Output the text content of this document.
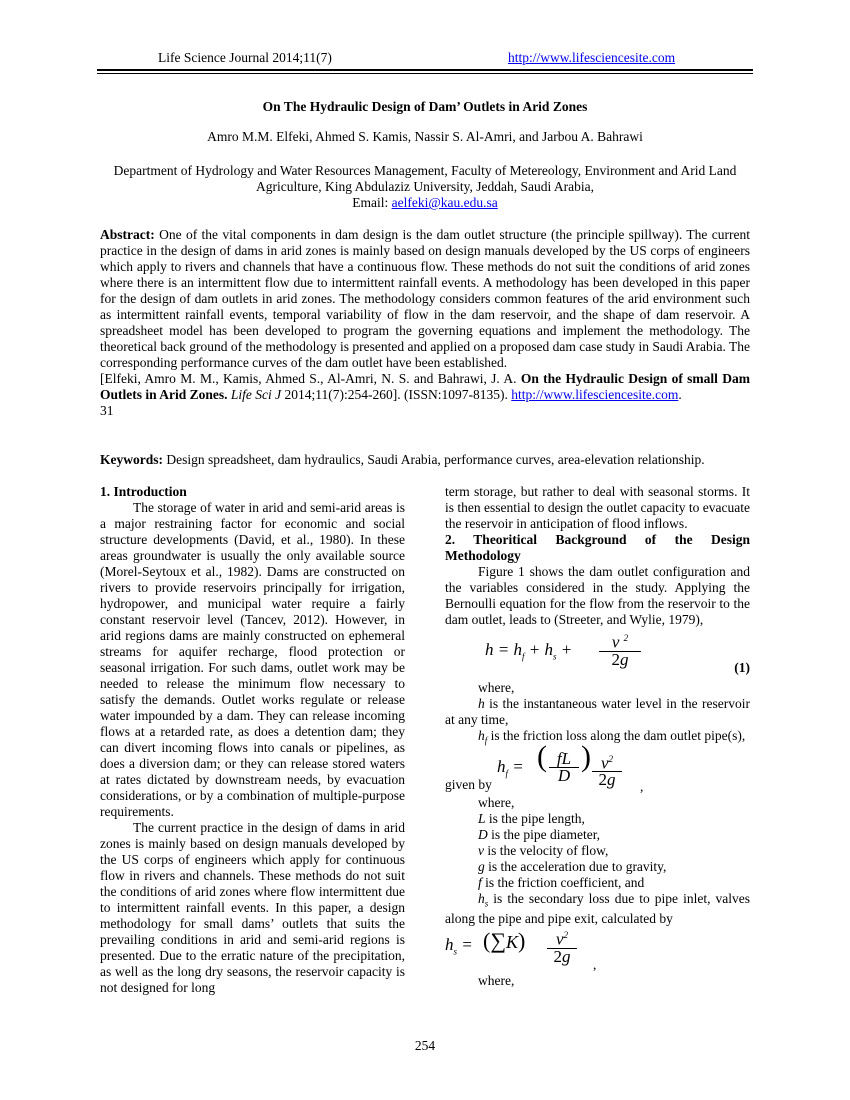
Life Science Journal 2014;11(7)	http://www.lifesciencesite.com
On The Hydraulic Design of Dam’ Outlets in Arid Zones
Amro M.M. Elfeki, Ahmed S. Kamis, Nassir S. Al-Amri, and Jarbou A. Bahrawi
Department of Hydrology and Water Resources Management, Faculty of Metereology, Environment and Arid Land
Agriculture, King Abdulaziz University, Jeddah, Saudi Arabia,
Email: aelfeki@kau.edu.sa
Abstract: One of the vital components in dam design is the dam outlet structure (the principle spillway). The current practice in the design of dams in arid zones is mainly based on design manuals developed by the US corps of engineers which apply to rivers and channels that have a continuous flow. These methods do not suit the conditions of arid zones where there is an intermittent flow due to intermittent rainfall events. A methodology has been developed in this paper for the design of dam outlets in arid zones. The methodology considers common features of the arid environment such as intermittent rainfall events, temporal variability of flow in the dam reservoir, and the shape of dam reservoir. A spreadsheet model has been developed to program the governing equations and implement the methodology. The theoretical back ground of the methodology is presented and applied on a proposed dam case study in Saudi Arabia. The corresponding performance curves of the dam outlet have been established.
[Elfeki, Amro M. M., Kamis, Ahmed S., Al-Amri, N. S. and Bahrawi, J. A. On the Hydraulic Design of small Dam Outlets in Arid Zones. Life Sci J 2014;11(7):254-260]. (ISSN:1097-8135). http://www.lifesciencesite.com.
31
Keywords: Design spreadsheet, dam hydraulics, Saudi Arabia, performance curves, area-elevation relationship.

1. Introduction

The storage of water in arid and semi-arid areas is a major restraining factor for economic and social structure developments (David, et al., 1980). In these areas groundwater is usually the only available source (Morel-Seytoux et al., 1982). Dams are constructed on rivers to provide reservoirs principally for irrigation, hydropower, and municipal water require a fairly constant reservoir level (Tancev, 2012). However, in arid regions dams are mainly constructed on ephemeral streams for aquifer recharge, flood protection or seasonal irrigation. For such dams, outlet work may be needed to release the minimum flow necessary to satisfy the demands. Outlet works regulate or release water impounded by a dam. They can release incoming flows at a retarded rate, as does a detention dam; they can divert incoming flows into canals or pipelines, as does a diversion dam; or they can release stored waters at rates dictated by downstream needs, by evacuation considerations, or by a combination of multiple-purpose requirements.

The current practice in the design of dams in arid zones is mainly based on design manuals developed by the US corps of engineers which apply for continuous flow in rivers and channels. These methods do not suit the conditions of arid zones where flow intermittent due to intermittent rainfall events. In this paper, a design methodology for small dams’ outlets that suits the prevailing conditions in arid and semi-arid regions is presented. Due to the erratic nature of the precipitation, as well as the long dry seasons, the reservoir capacity is not designed for long

term storage, but rather to deal with seasonal storms. It is then essential to design the outlet capacity to evacuate the reservoir in anticipation of flood inflows.

2. Theoritical Background of the Design

Methodology

Figure 1 shows the dam outlet configuration and the variables considered in the study. Applying the Bernoulli equation for the flow from the reservoir to the dam outlet, leads to (Streeter, and Wylie, 1979),

$h = h_f + h_s + \frac{v ^2}{2g}$	(1)

where,

h is the instantaneous water level in the reservoir at any time,

$h_f$ is the friction loss along the dam outlet pipe(s),

given by
$h_f$ = ( $\frac{fL}{D}$ ) $\frac{v^2}{2g}$ ,

where,

L is the pipe length,

D is the pipe diameter,

v is the velocity of flow,

g is the acceleration due to gravity,

f is the friction coefficient, and

$h_s$ is the secondary loss due to pipe inlet, valves along the pipe and pipe exit, calculated by

$h_s = (\sum K) \frac{v^2}{2g}$ ,

where,

254
